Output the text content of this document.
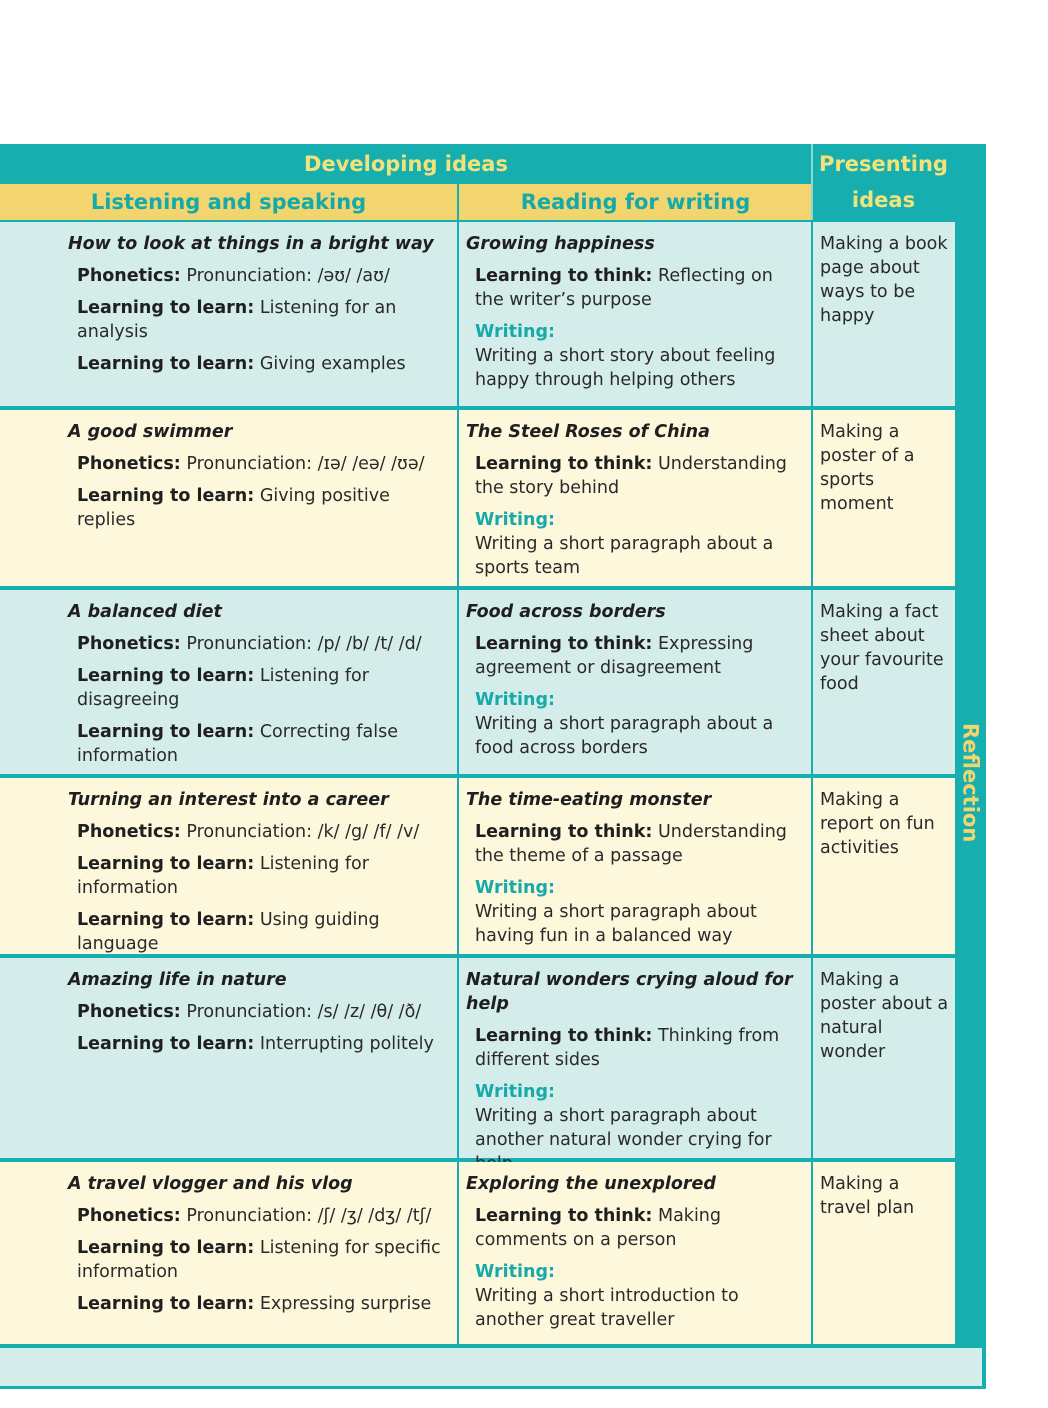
Developing ideas
Listening and speaking	Reading for writing
Presenting
ideas
How to look at things in a bright way
Phonetics: Pronunciation: /əʊ/ /aʊ/
Learning to learn: Listening for an analysis
Learning to learn: Giving examples
Growing happiness
Learning to think: Reflecting on the writer’s purpose
Writing:
Writing a short story about feeling happy through helping others
Making a book page about ways to be happy
A good swimmer
Phonetics: Pronunciation: /ɪə/ /eə/ /ʊə/
Learning to learn: Giving positive replies
The Steel Roses of China
Learning to think: Understanding the story behind
Writing:
Writing a short paragraph about a sports team
Making a poster of a sports moment
A balanced diet
Phonetics: Pronunciation: /p/ /b/ /t/ /d/
Learning to learn: Listening for disagreeing
Learning to learn: Correcting false information
Food across borders
Learning to think: Expressing agreement or disagreement
Writing:
Writing a short paragraph about a food across borders
Making a fact sheet about your favourite food
Turning an interest into a career
Phonetics: Pronunciation: /k/ /g/ /f/ /v/
Learning to learn: Listening for information
Learning to learn: Using guiding language
The time-eating monster
Learning to think: Understanding the theme of a passage
Writing:
Writing a short paragraph about having fun in a balanced way
Making a report on fun activities
Amazing life in nature
Phonetics: Pronunciation: /s/ /z/ /θ/ /ð/
Learning to learn: Interrupting politely
Natural wonders crying aloud for help
Learning to think: Thinking from different sides
Writing:
Writing a short paragraph about another natural wonder crying for
Making a poster about a natural wonder
A travel vlogger and his vlog
Phonetics: Pronunciation: /ʃ/ /ʒ/ /dʒ/ /tʃ/
Learning to learn: Listening for specific information
Learning to learn: Expressing surprise
Exploring the unexplored
Learning to think: Making comments on a person
Writing:
Writing a short introduction to another great traveller
Making a travel plan
Reflection
